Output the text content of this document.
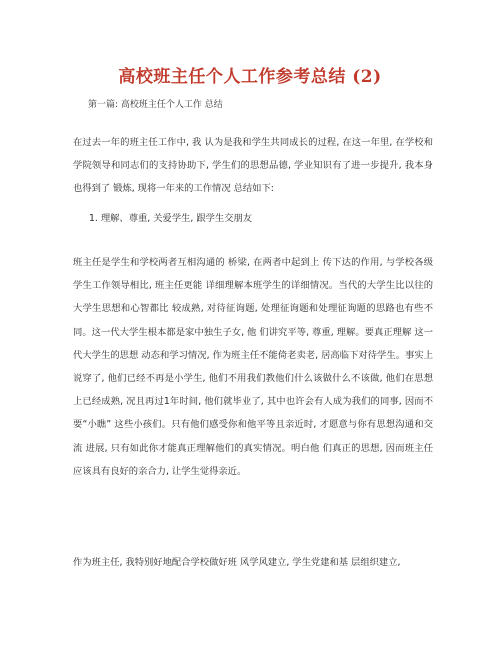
高校班主任个人工作参考总结 (2)

第一篇: 高校班主任个人工作 总结

在过去一年的班主任工作中, 我 认为是我和学生共同成长的过程, 在这一年里, 在学校和学院领导和同志们的支持协助下, 学生们的思想品德, 学业知识有了进一步提升, 我本身也得到了 锻炼, 现将一年来的工作情况 总结如下:

1. 理解、尊重, 关爱学生, 跟学生交朋友

班主任是学生和学校两者互相沟通的 桥梁, 在两者中起到上 传下达的作用, 与学校各级学生工作领导相比, 班主任更能 详细理解本班学生的详细情况。当代的大学生比以往的大学生思想和心智都比 较成熟, 对待征询题, 处理征询题和处理征询题的思路也有些不同。这一代大学生根本都是家中独生子女, 他 们讲究平等, 尊重, 理解。要真正理解 这一代大学生的思想 动态和学习情况, 作为班主任不能倚老卖老, 居高临下对待学生。事实上说穿了, 他们已经不再是小学生, 他们不用我们教他们什么该做什么不该做, 他们在思想上已经成熟, 况且再过1年时间, 他们就毕业了, 其中也许会有人成为我们的同事, 因而不要“小瞧” 这些小孩们。只有他们感受你和他平等且亲近时, 才愿意与你有思想沟通和交流 进展, 只有如此你才能真正理解他们的真实情况。明白他 们真正的思想, 因而班主任 应该具有良好的亲合力, 让学生觉得亲近。

作为班主任, 我特别好地配合学校做好班 风学风建立, 学生党建和基 层组织建立,
